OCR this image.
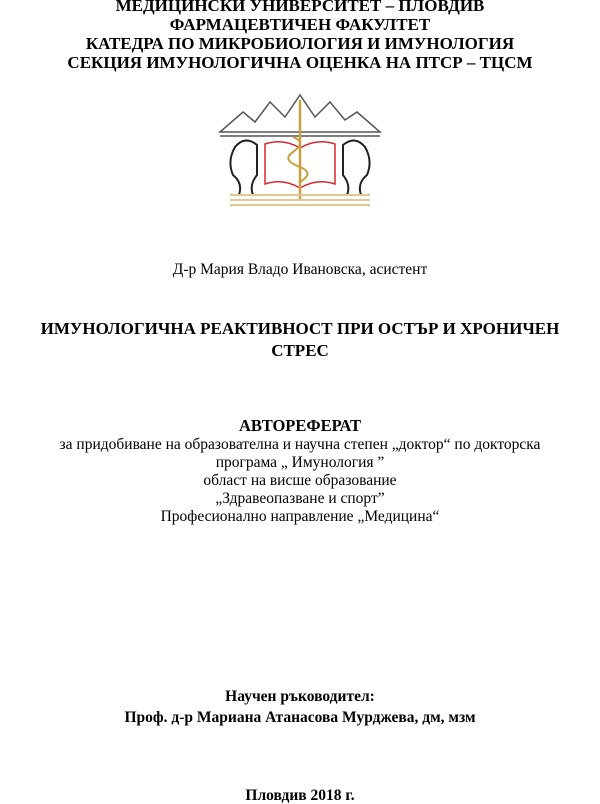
МЕДИЦИНСКИ УНИВЕРСИТЕТ – ПЛОВДИВ
ФАРМАЦЕВТИЧЕН ФАКУЛТЕТ
КАТЕДРА ПО МИКРОБИОЛОГИЯ И ИМУНОЛОГИЯ
СЕКЦИЯ ИМУНОЛОГИЧНА ОЦЕНКА НА ПТСР – ТЦСМ
Д-р Мария Владо Ивановска, асистент
ИМУНОЛОГИЧНА РЕАКТИВНОСТ ПРИ ОСТЪР И ХРОНИЧЕН
СТРЕС
АВТОРЕФЕРАТ
за придобиване на образователна и научна степен „доктор“ по докторска
програма „ Имунология ”
област на висше образование
„Здравеопазване и спорт”
Професионално направление „Медицина“
Научен ръководител:
Проф. д-р Мариана Атанасова Мурджева, дм, мзм
Пловдив 2018 г.
